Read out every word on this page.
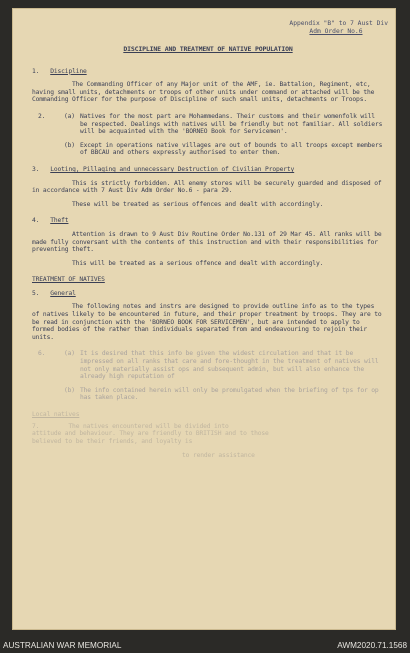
Appendix "B" to 7 Aust Div
Adm Order No.6
DISCIPLINE AND TREATMENT OF NATIVE POPULATION
1. Discipline

The Commanding Officer of any Major unit of the AMF, ie. Battalion, Regiment, etc, having small units, detachments or troops of other units under command or attached will be the Commanding Officer for the purpose of Discipline of such small units, detachments or Troops.

2.	(a) Natives for the most part are Mohammedans. Their customs and their womenfolk will be respected. Dealings with natives will be friendly but not familiar. All soldiers will be acquainted with the 'BORNEO Book for Servicemen'.
(b) Except in operations native villages are out of bounds to all troops except members of BBCAU and others expressly authorised to enter them.
3. Looting, Pillaging and unnecessary Destruction of Civilian Property

This is strictly forbidden. All enemy stores will be securely guarded and disposed of in accordance with 7 Aust Div Adm Order No.6 - para 29.

These will be treated as serious offences and dealt with accordingly.

4. Theft

Attention is drawn to 9 Aust Div Routine Order No.131 of 29 Mar 45. All ranks will be made fully conversant with the contents of this instruction and with their responsibilities for preventing theft.

This will be treated as a serious offence and dealt with accordingly.

TREATMENT OF NATIVES
5. General

The following notes and instrs are designed to provide outline info as to the types of natives likely to be encountered in future, and their proper treatment by troops. They are to be read in conjunction with the 'BORNEO BOOK FOR SERVICEMEN', but are intended to apply to formed bodies of the rather than individuals separated from and endeavouring to rejoin their units.

6.	(a) It is desired that this info be given the widest circulation and that it be impressed on all ranks that care and fore-thought in the treatment of natives will not only materially assist ops and subsequent admin, but will also enhance the already high reputation of
(b) The info contained herein will only be promulgated when the briefing of tps for op has taken place.
Local natives
7.        The natives encountered will be divided into
attitude and behaviour. They are friendly to BRITISH and to those
believed to be their friends, and loyalty is
to render assistance
AUSTRALIAN WAR MEMORIAL	AWM2020.71.1568
